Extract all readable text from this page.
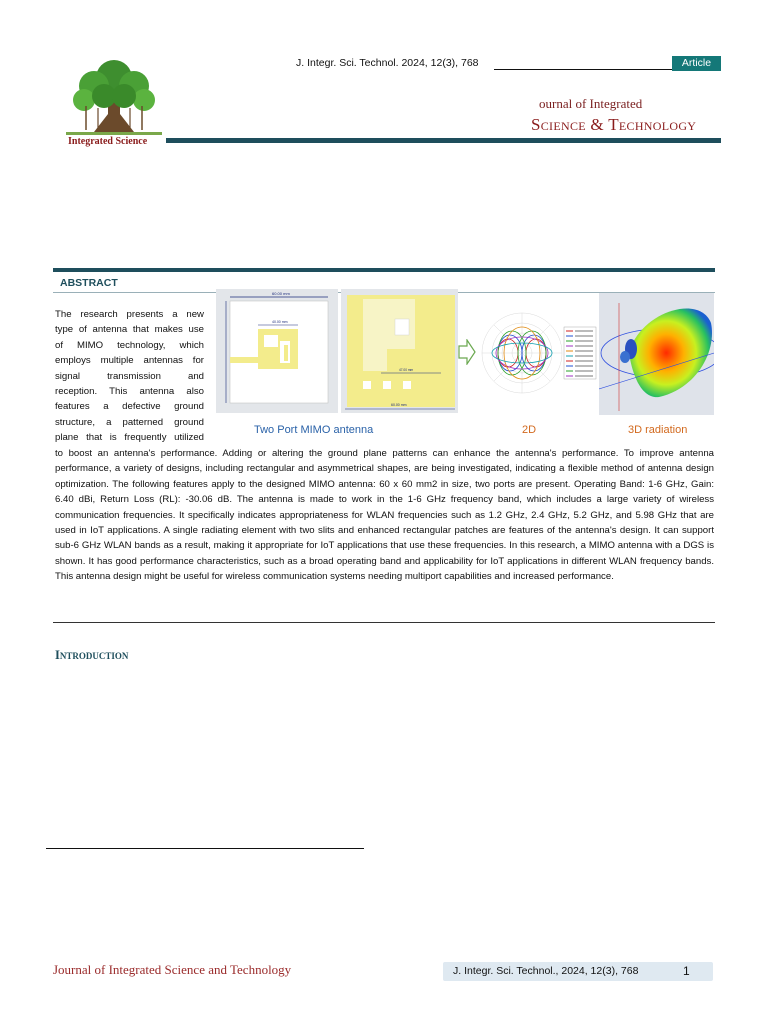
Integrated Science
J. Integr. Sci. Technol. 2024, 12(3), 768	Article
ournal of Integrated
Science & Technology
ABSTRACT
The research presents a new
type of antenna that makes use
of MIMO technology, which
employs multiple antennas for
signal transmission and
reception. This antenna also
features a defective ground
structure, a patterned ground
plane that is frequently utilized
to boost an antenna's performance. Adding or altering the ground plane patterns can enhance the antenna's performance. To improve antenna performance, a variety of designs, including rectangular and asymmetrical shapes, are being investigated, indicating a flexible method of antenna design optimization. The following features apply to the designed MIMO antenna: 60 x 60 mm2 in size, two ports are present. Operating Band: 1-6 GHz, Gain: 6.40 dBi, Return Loss (RL): -30.06 dB. The antenna is made to work in the 1-6 GHz frequency band, which includes a large variety of wireless communication frequencies. It specifically indicates appropriateness for WLAN frequencies such as 1.2 GHz, 2.4 GHz, 5.2 GHz, and 5.98 GHz that are used in IoT applications. A single radiating element with two slits and enhanced rectangular patches are features of the antenna's design. It can support sub-6 GHz WLAN bands as a result, making it appropriate for IoT applications that use these frequencies. In this research, a MIMO antenna with a DGS is shown. It has good performance characteristics, such as a broad operating band and applicability for IoT applications in different WLAN frequency bands. This antenna design might be useful for wireless communication systems needing multiport capabilities and increased performance.
60.00 mm
40.00 mm
60.00 mm
47.00 mm
Two Port MIMO antenna	2D	3D radiation
Introduction
Journal of Integrated Science and Technology	J. Integr. Sci. Technol., 2024, 12(3), 768	1
